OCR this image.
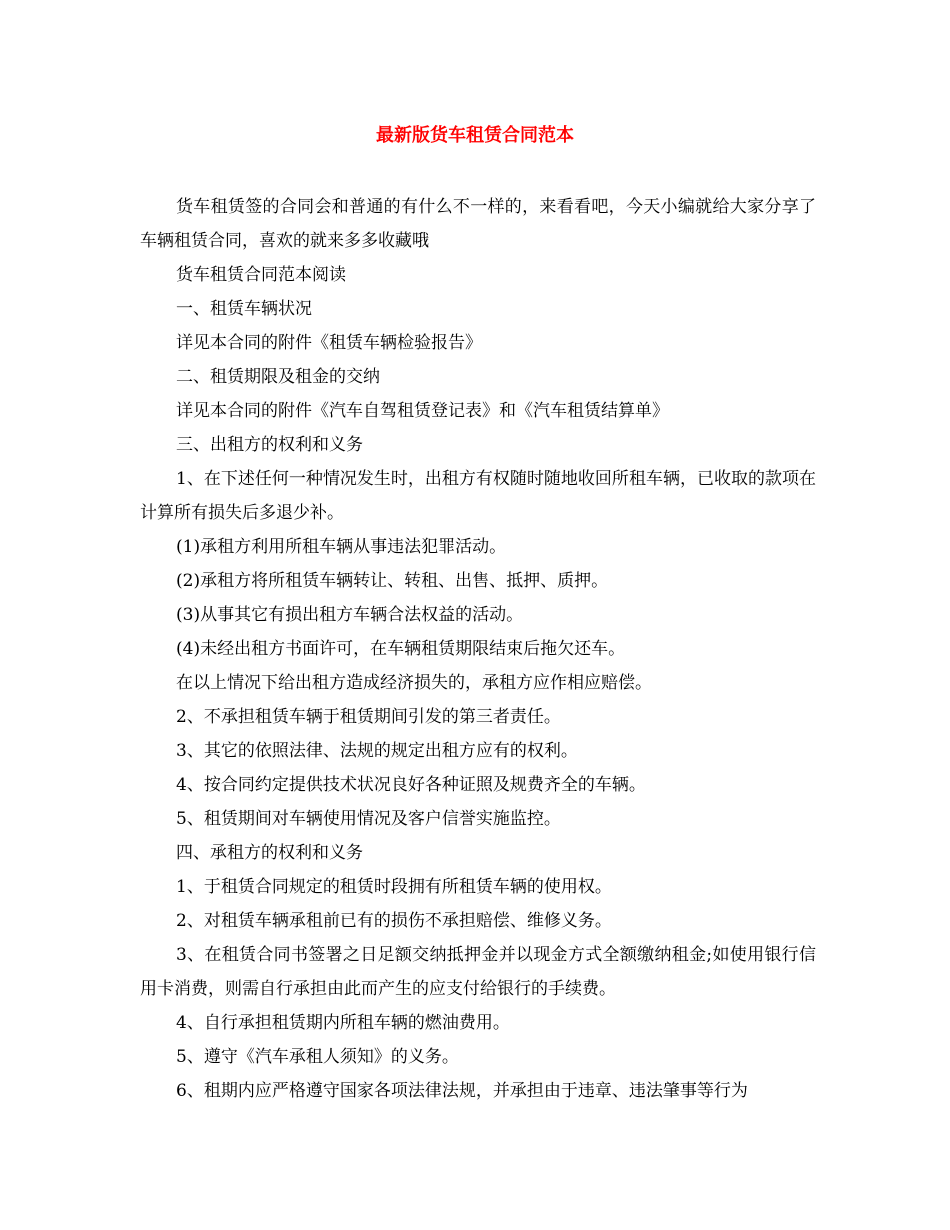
最新版货车租赁合同范本

货车租赁签的合同会和普通的有什么不一样的，来看看吧，今天小编就给大家分享了车辆租赁合同，喜欢的就来多多收藏哦

货车租赁合同范本阅读

一、租赁车辆状况

详见本合同的附件《租赁车辆检验报告》

二、租赁期限及租金的交纳

详见本合同的附件《汽车自驾租赁登记表》和《汽车租赁结算单》

三、出租方的权利和义务

1、在下述任何一种情况发生时，出租方有权随时随地收回所租车辆，已收取的款项在计算所有损失后多退少补。

(1)承租方利用所租车辆从事违法犯罪活动。

(2)承租方将所租赁车辆转让、转租、出售、抵押、质押。

(3)从事其它有损出租方车辆合法权益的活动。

(4)未经出租方书面许可，在车辆租赁期限结束后拖欠还车。

在以上情况下给出租方造成经济损失的，承租方应作相应赔偿。

2、不承担租赁车辆于租赁期间引发的第三者责任。

3、其它的依照法律、法规的规定出租方应有的权利。

4、按合同约定提供技术状况良好各种证照及规费齐全的车辆。

5、租赁期间对车辆使用情况及客户信誉实施监控。

四、承租方的权利和义务

1、于租赁合同规定的租赁时段拥有所租赁车辆的使用权。

2、对租赁车辆承租前已有的损伤不承担赔偿、维修义务。

3、在租赁合同书签署之日足额交纳抵押金并以现金方式全额缴纳租金;如使用银行信用卡消费，则需自行承担由此而产生的应支付给银行的手续费。

4、自行承担租赁期内所租车辆的燃油费用。

5、遵守《汽车承租人须知》的义务。

6、租期内应严格遵守国家各项法律法规，并承担由于违章、违法肇事等行为
